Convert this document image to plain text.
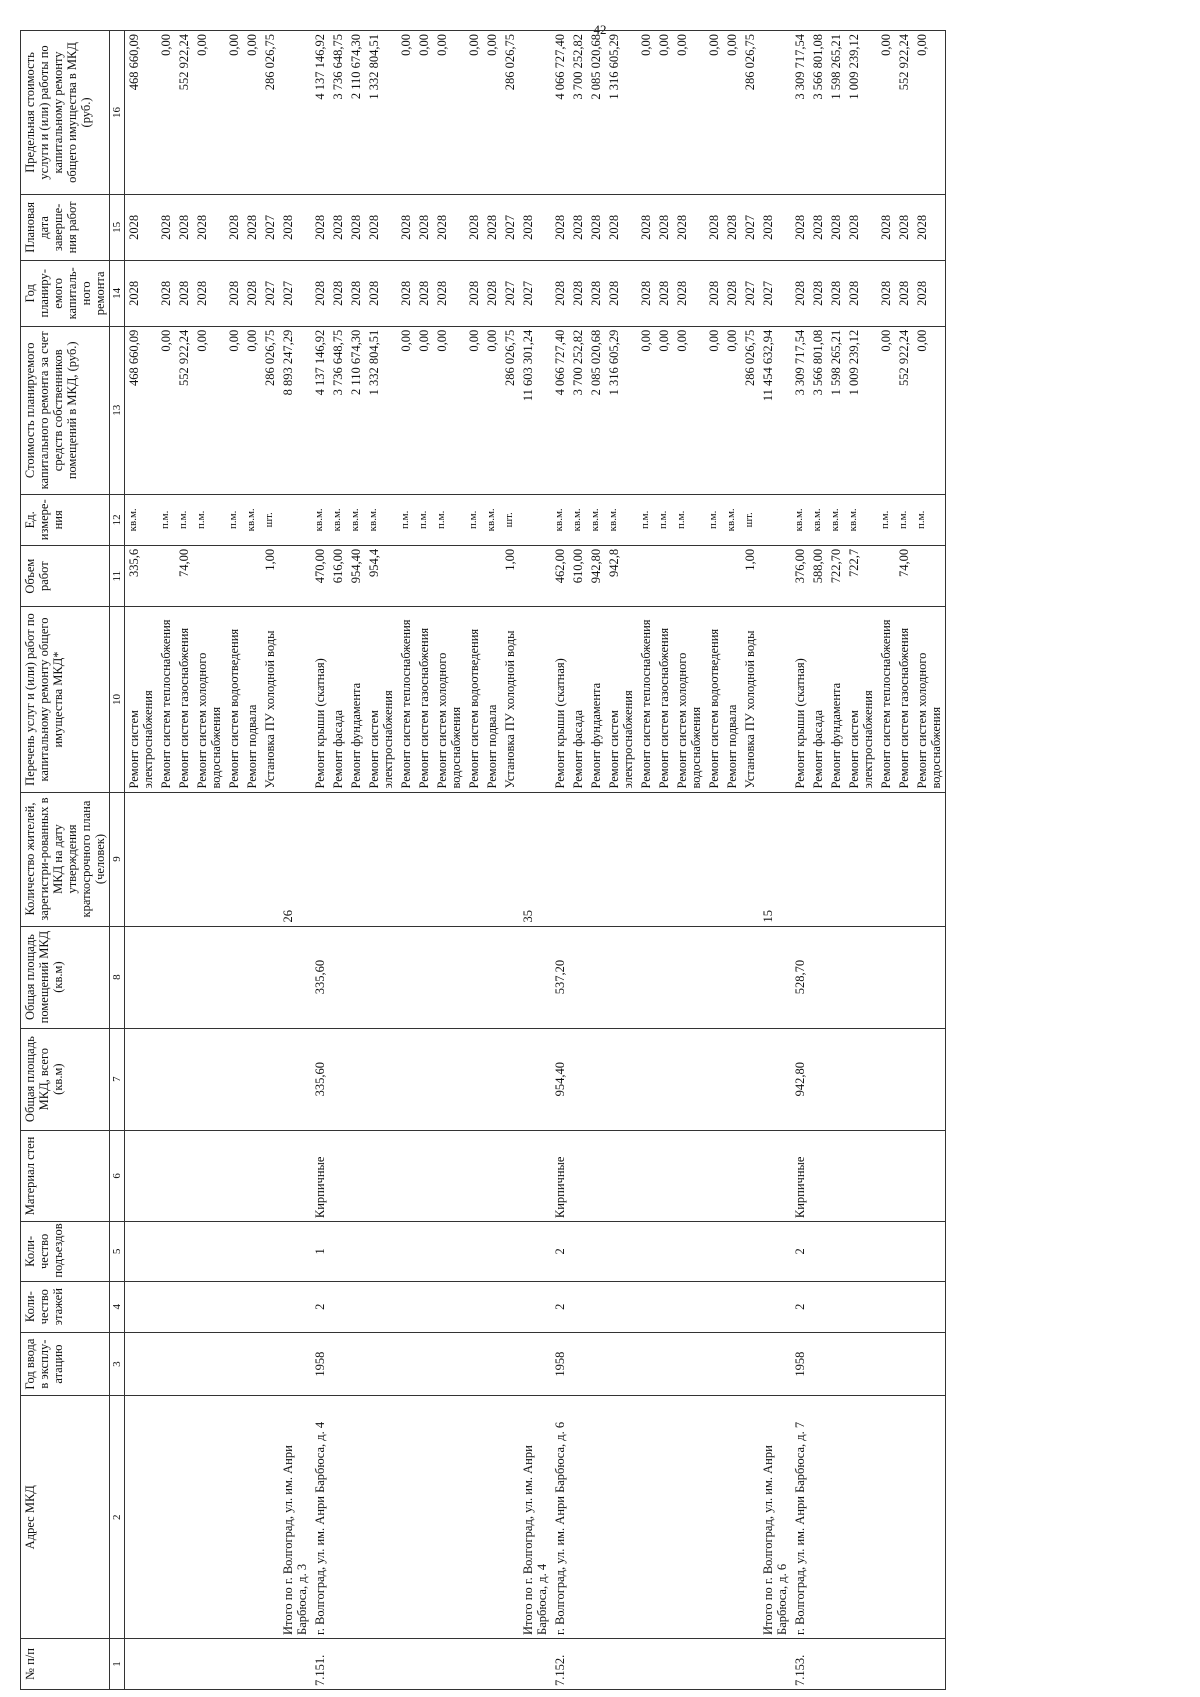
42
№ п/п	Адрес МКД	Год ввода в эксплу-атацию	Коли-чество этажей	Коли-чество подъездов	Материал стен	Общая площадь МКД, всего (кв.м)	Общая площадь помещений МКД (кв.м)	Количество жителей, зарегистри-рованных в МКД на дату утверждения краткосрочного плана (человек)	Перечень услуг и (или) работ по капитальному ремонту общего имущества МКД*	Объем работ	Ед. измере-ния	Стоимость планируемого капитального ремонта за счет средств собственников помещений в МКД, (руб.)	Год планиру-емого капиталь-ного ремонта	Плановая дата заверше-ния работ	Предельная стоимость услуги и (или) работы по капитальному ремонту общего имущества в МКД (руб.)
1	2	3	4	5	6	7	8	9	10	11	12	13	14	15	16
									Ремонт систем электроснабжения	335,6	кв.м.	468 660,09	2028	2028	468 660,09
									Ремонт систем теплоснабжения		п.м.	0,00	2028	2028	0,00
									Ремонт систем газоснабжения	74,00	п.м.	552 922,24	2028	2028	552 922,24
									Ремонт систем холодного водоснабжения		п.м.	0,00	2028	2028	0,00
									Ремонт систем водоотведения		п.м.	0,00	2028	2028	0,00
									Ремонт подвала		кв.м.	0,00	2028	2028	0,00
									Установка ПУ холодной воды	1,00	шт.	286 026,75	2027	2027	286 026,75
	Итого по г. Волгоград, ул. им. Анри Барбюса, д. 3							26				8 893 247,29	2027	2028	
7.151.	г. Волгоград, ул. им. Анри Барбюса, д. 4	1958	2	1	Кирпичные	335,60	335,60		Ремонт крыши (скатная)	470,00	кв.м.	4 137 146,92	2028	2028	4 137 146,92
									Ремонт фасада	616,00	кв.м.	3 736 648,75	2028	2028	3 736 648,75
									Ремонт фундамента	954,40	кв.м.	2 110 674,30	2028	2028	2 110 674,30
									Ремонт систем электроснабжения	954,4	кв.м.	1 332 804,51	2028	2028	1 332 804,51
									Ремонт систем теплоснабжения		п.м.	0,00	2028	2028	0,00
									Ремонт систем газоснабжения		п.м.	0,00	2028	2028	0,00
									Ремонт систем холодного водоснабжения		п.м.	0,00	2028	2028	0,00
									Ремонт систем водоотведения		п.м.	0,00	2028	2028	0,00
									Ремонт подвала		кв.м.	0,00	2028	2028	0,00
									Установка ПУ холодной воды	1,00	шт.	286 026,75	2027	2027	286 026,75
	Итого по г. Волгоград, ул. им. Анри Барбюса, д. 4							35				11 603 301,24	2027	2028	
7.152.	г. Волгоград, ул. им. Анри Барбюса, д. 6	1958	2	2	Кирпичные	954,40	537,20		Ремонт крыши (скатная)	462,00	кв.м.	4 066 727,40	2028	2028	4 066 727,40
									Ремонт фасада	610,00	кв.м.	3 700 252,82	2028	2028	3 700 252,82
									Ремонт фундамента	942,80	кв.м.	2 085 020,68	2028	2028	2 085 020,68
									Ремонт систем электроснабжения	942,8	кв.м.	1 316 605,29	2028	2028	1 316 605,29
									Ремонт систем теплоснабжения		п.м.	0,00	2028	2028	0,00
									Ремонт систем газоснабжения		п.м.	0,00	2028	2028	0,00
									Ремонт систем холодного водоснабжения		п.м.	0,00	2028	2028	0,00
									Ремонт систем водоотведения		п.м.	0,00	2028	2028	0,00
									Ремонт подвала		кв.м.	0,00	2028	2028	0,00
									Установка ПУ холодной воды	1,00	шт.	286 026,75	2027	2027	286 026,75
	Итого по г. Волгоград, ул. им. Анри Барбюса, д. 6							15				11 454 632,94	2027	2028	
7.153.	г. Волгоград, ул. им. Анри Барбюса, д. 7	1958	2	2	Кирпичные	942,80	528,70		Ремонт крыши (скатная)	376,00	кв.м.	3 309 717,54	2028	2028	3 309 717,54
									Ремонт фасада	588,00	кв.м.	3 566 801,08	2028	2028	3 566 801,08
									Ремонт фундамента	722,70	кв.м.	1 598 265,21	2028	2028	1 598 265,21
									Ремонт систем электроснабжения	722,7	кв.м.	1 009 239,12	2028	2028	1 009 239,12
									Ремонт систем теплоснабжения		п.м.	0,00	2028	2028	0,00
									Ремонт систем газоснабжения	74,00	п.м.	552 922,24	2028	2028	552 922,24
									Ремонт систем холодного водоснабжения		п.м.	0,00	2028	2028	0,00
